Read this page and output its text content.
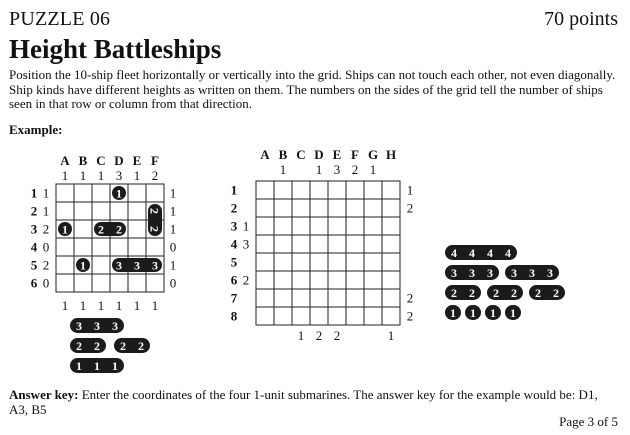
PUZZLE 06	70 points
Height Battleships
Position the 10-ship fleet horizontally or vertically into the grid. Ships can not touch each other, not even diagonally. Ship kinds have different heights as written on them. The numbers on the sides of the grid tell the number of ships seen in that row or column from that direction.
Example:
A B C D E F
1 1 1 3 1 2
1
2
3
4
5
6
1
1
2
0
2
0
1
1
1
0
1
0
1 1 1 1 1 1
1
2
2
1	2 2
1	3 3 3
3 3 3
2 2 2 2
1 1 1
A B C D E F G H
1 1 3 2 1
1
2
3
4
5
6
7
8
1
3
2
1
2
2
2
1 2 2	1
4 4 4 4
3 3 3 3 3 3
2 2 2 2 2 2
1 1 1 1
Answer key: Enter the coordinates of the four 1-unit submarines. The answer key for the example would be: D1, A3, B5
Page 3 of 5
